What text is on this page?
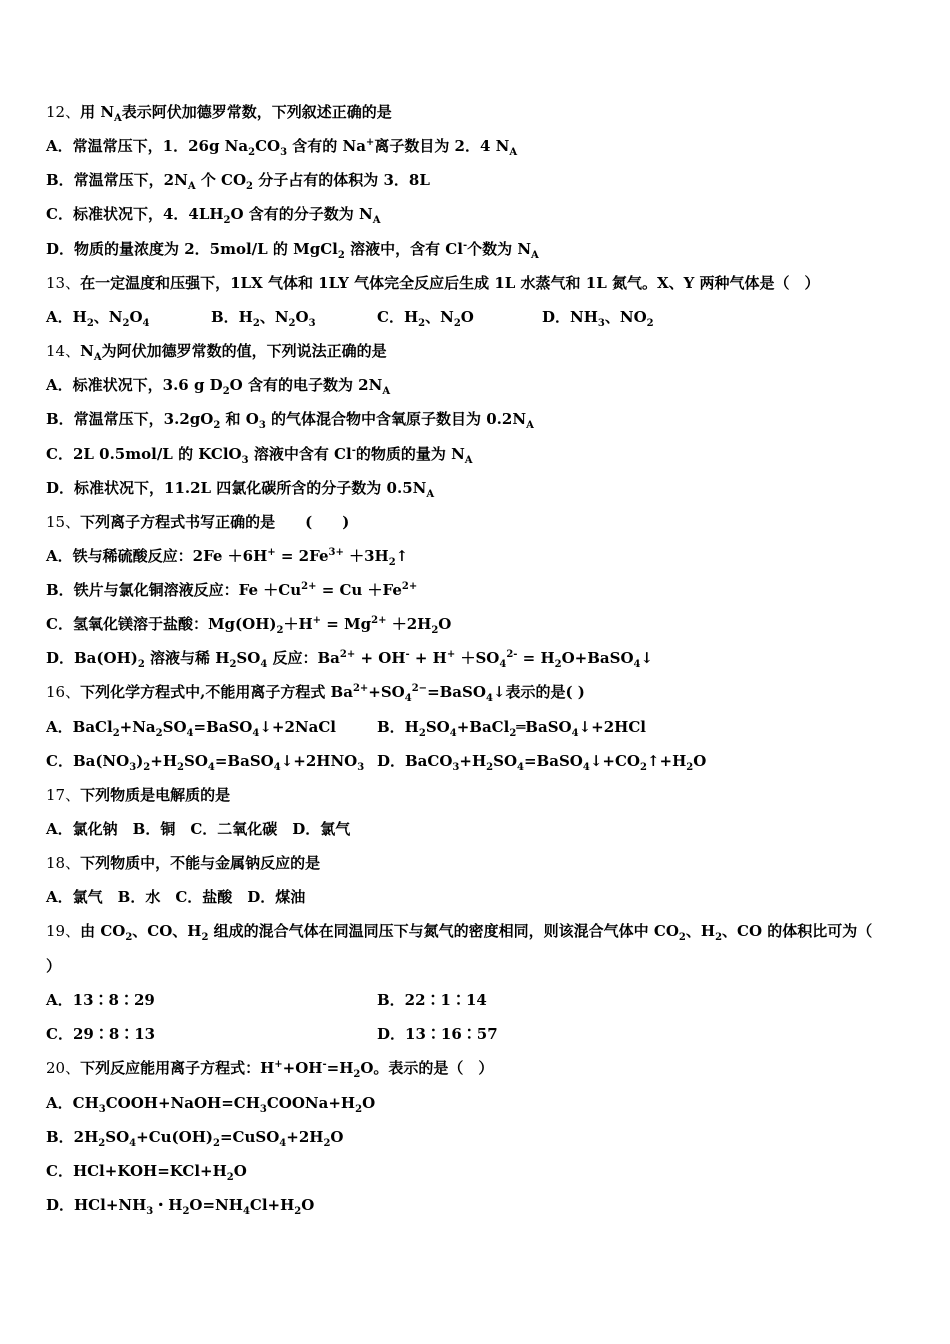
12、用 $N_A$表示阿伏加德罗常数，下列叙述正确的是
A．常温常压下，1．26g $Na_2CO_3$ 含有的 Na+离子数目为 2．4 $N_A$
B．常温常压下，$2N_A$ 个 $CO_2$ 分子占有的体积为 3．8L
C．标准状况下，4．$4LH_2O$ 含有的分子数为 $N_A$
D．物质的量浓度为 2．5mol/L 的 MgCl$_2$ 溶液中，含有 Cl-个数为 $N_A$
13、在一定温度和压强下，1LX 气体和 1LY 气体完全反应后生成 1L 水蒸气和 1L 氮气。X、Y 两种气体是（　）
A．$H_2$、$N_2O_4$	B．$H_2$、$N_2O_3$	C．$H_2$、$N_2O$	D．$NH_3$、$NO_2$
14、$N_A$为阿伏加德罗常数的值，下列说法正确的是
A．标准状况下，3.6 g $D_2O$ 含有的电子数为 $2N_A$
B．常温常压下，$3.2gO_2$ 和 $O_3$ 的气体混合物中含氧原子数目为 $0.2N_A$
C．2L 0.5mol/L 的 KClO$_3$ 溶液中含有 Cl-的物质的量为 $N_A$
D．标准状况下，11.2L 四氯化碳所含的分子数为 $0.5N_A$
15、下列离子方程式书写正确的是　　(　　)
A．铁与稀硫酸反应：$2Fe +6H^+ = 2Fe^{3+}$ $+3H_2↑$
B．铁片与氯化铜溶液反应：$Fe +Cu^{2+} = Cu +Fe^{2+}$
C．氢氧化镁溶于盐酸：$Mg(OH)_2+H^+ = Mg^{2+} +2H_2O$
D．$Ba(OH)_2$ 溶液与稀 $H_2SO_4$ 反应：$Ba^{2+} + OH^- + H^+ +SO_4^{2-}$ = $H_2O+BaSO_4↓$
16、下列化学方程式中,不能用离子方程式 $Ba^{2+}+SO_4^{2-}=BaSO_4↓$表示的是( )
A．$BaCl_2+Na_2SO_4=BaSO_4↓+2NaCl$	B．$H_2SO_4+BaCl_2═BaSO_4↓+2HCl$
C．$Ba(NO_3)_2+H_2SO_4=BaSO_4↓+2HNO_3$ D．$BaCO_3+H_2SO_4=BaSO_4↓+CO_2↑+H_2O$
17、下列物质是电解质的是
A．氯化钠　B．铜　C．二氧化碳　D．氯气
18、下列物质中，不能与金属钠反应的是
A．氯气　B．水　C．盐酸　D．煤油
19、由 $CO_2$、CO、$H_2$ 组成的混合气体在同温同压下与氮气的密度相同，则该混合气体中 $CO_2$、$H_2$、CO 的体积比可为（
）
A．13∶8∶29	B．22∶1∶14
C．29∶8∶13	D．13∶16∶57
20、下列反应能用离子方程式：$H^++OH^-=H_2O$。表示的是（　）
A．$CH_3COOH+NaOH=CH_3COONa+H_2O$
B．$2H_2SO_4+Cu(OH)_2=CuSO_4+2H_2O$
C．$HCl+KOH=KCl+H_2O$
D．$HCl+NH_3$・$H_2O=NH_4Cl+H_2O$
